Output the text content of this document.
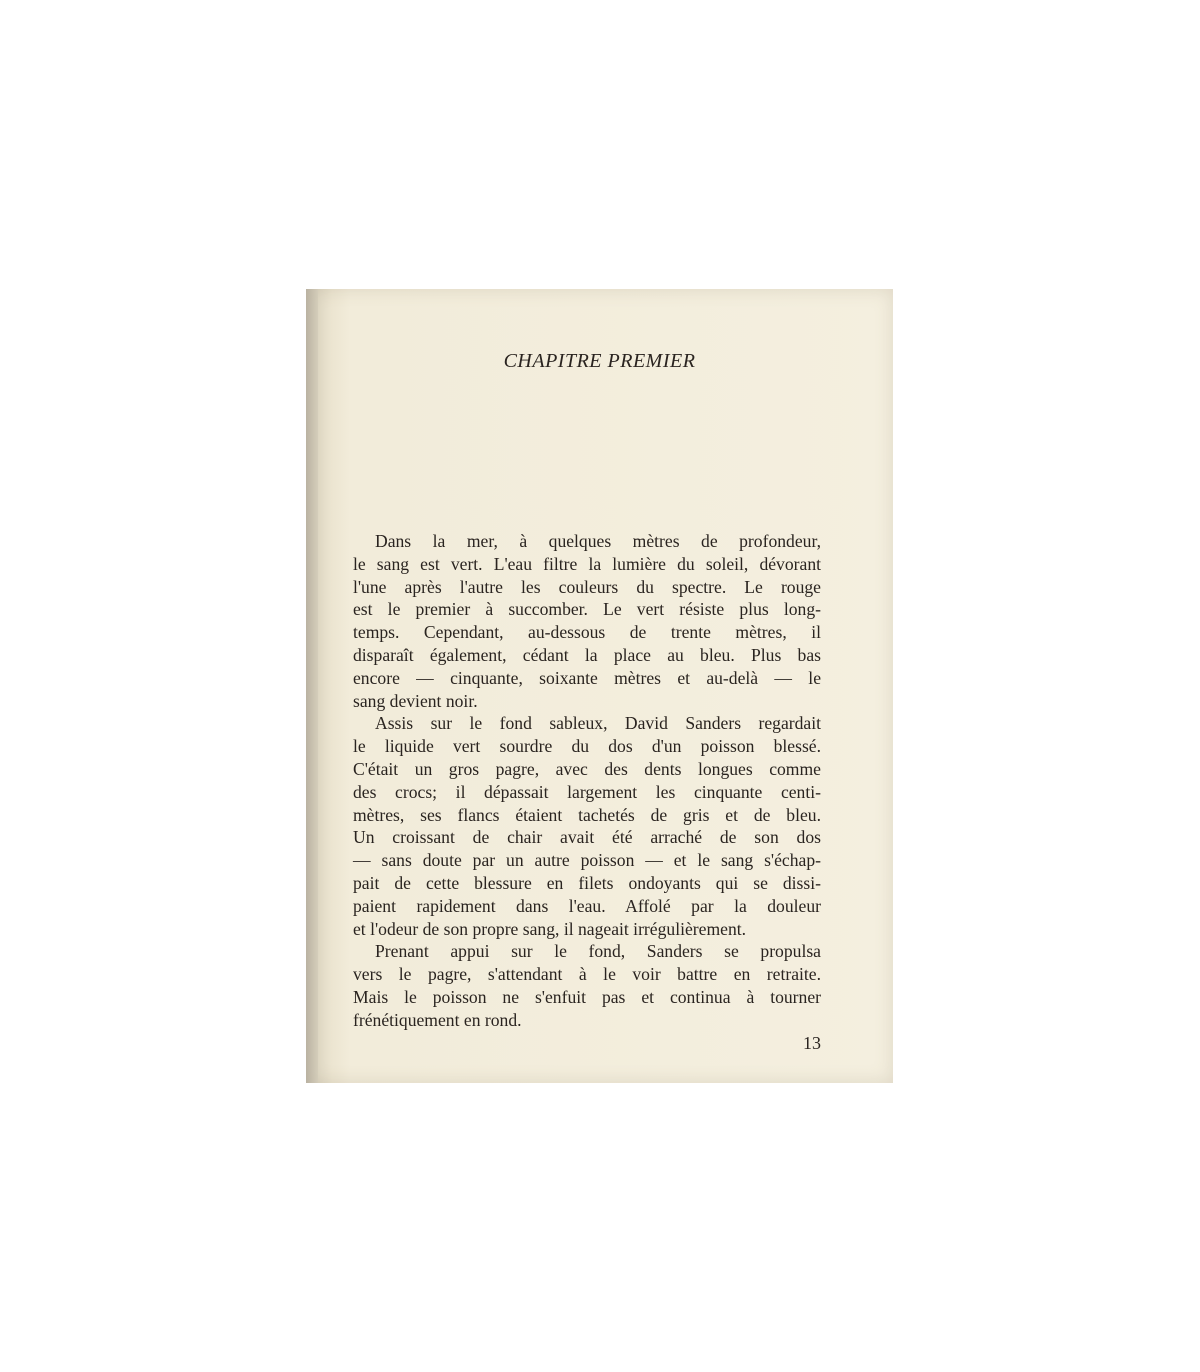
CHAPITRE PREMIER
Dans la mer, à quelques mètres de profondeur,
le sang est vert. L'eau filtre la lumière du soleil, dévorant
l'une après l'autre les couleurs du spectre. Le rouge
est le premier à succomber. Le vert résiste plus long-
temps. Cependant, au-dessous de trente mètres, il
disparaît également, cédant la place au bleu. Plus bas
encore — cinquante, soixante mètres et au-delà — le
sang devient noir.
Assis sur le fond sableux, David Sanders regardait
le liquide vert sourdre du dos d'un poisson blessé.
C'était un gros pagre, avec des dents longues comme
des crocs; il dépassait largement les cinquante centi-
mètres, ses flancs étaient tachetés de gris et de bleu.
Un croissant de chair avait été arraché de son dos
— sans doute par un autre poisson — et le sang s'échap-
pait de cette blessure en filets ondoyants qui se dissi-
paient rapidement dans l'eau. Affolé par la douleur
et l'odeur de son propre sang, il nageait irrégulièrement.
Prenant appui sur le fond, Sanders se propulsa
vers le pagre, s'attendant à le voir battre en retraite.
Mais le poisson ne s'enfuit pas et continua à tourner
frénétiquement en rond.
13
